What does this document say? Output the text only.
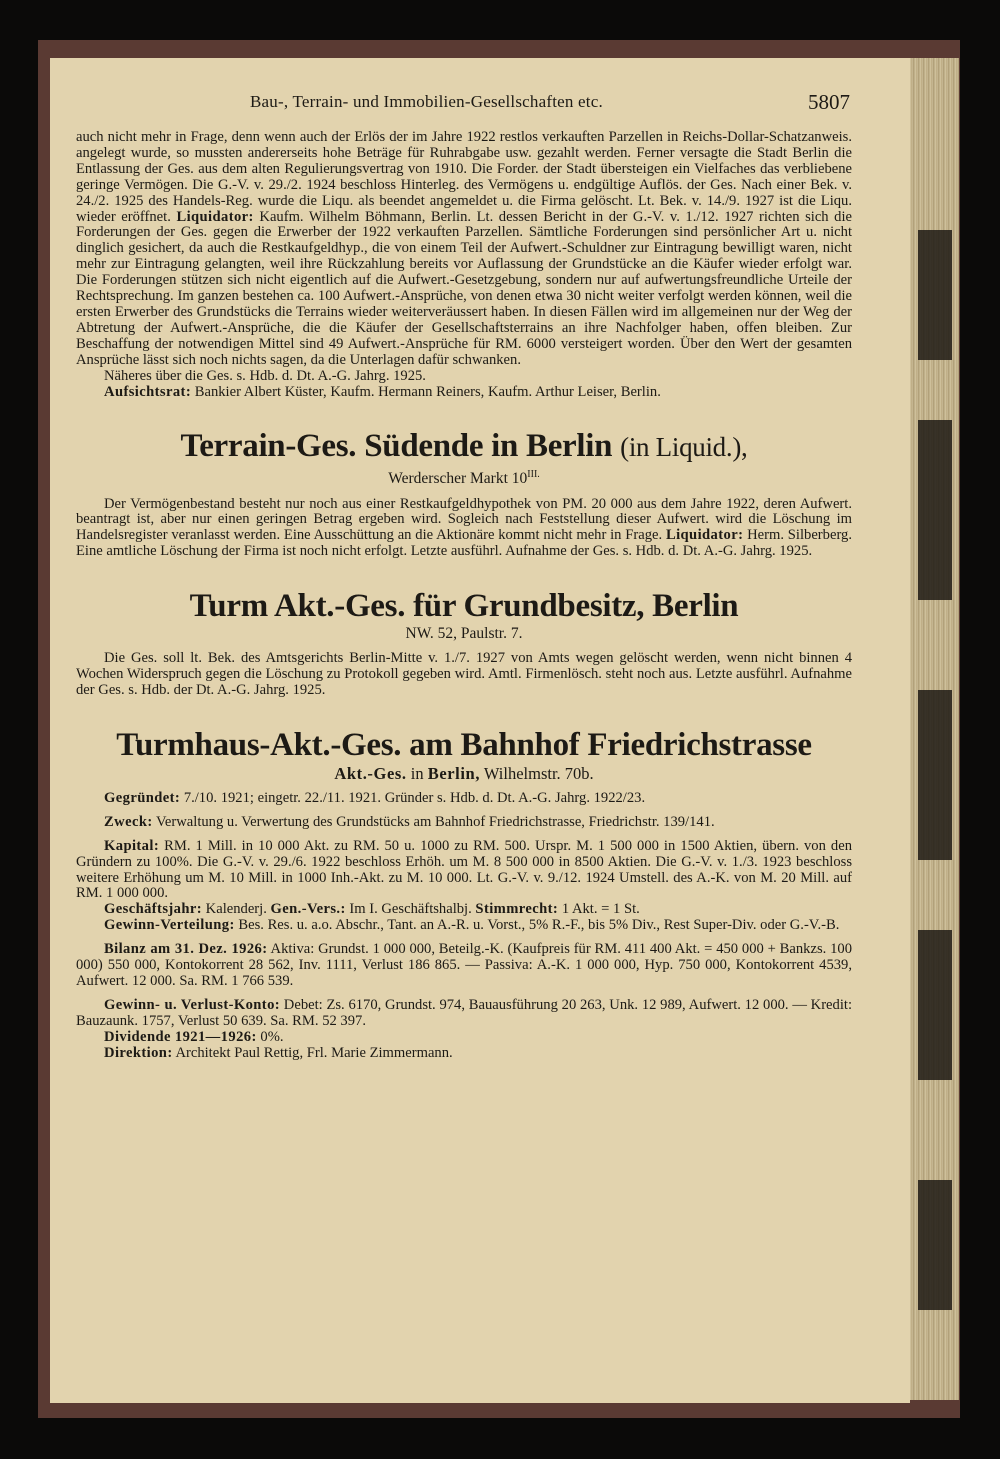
Bau-, Terrain- und Immobilien-Gesellschaften etc.	5807

auch nicht mehr in Frage, denn wenn auch der Erlös der im Jahre 1922 restlos verkauften Parzellen in Reichs-Dollar-Schatzanweis. angelegt wurde, so mussten andererseits hohe Beträge für Ruhrabgabe usw. gezahlt werden. Ferner versagte die Stadt Berlin die Entlassung der Ges. aus dem alten Regulierungsvertrag von 1910. Die Forder. der Stadt übersteigen ein Vielfaches das verbliebene geringe Vermögen. Die G.-V. v. 29./2. 1924 beschloss Hinterleg. des Vermögens u. endgültige Auflös. der Ges. Nach einer Bek. v. 24./2. 1925 des Handels-Reg. wurde die Liqu. als beendet angemeldet u. die Firma gelöscht. Lt. Bek. v. 14./9. 1927 ist die Liqu. wieder eröffnet. Liquidator: Kaufm. Wilhelm Böhmann, Berlin. Lt. dessen Bericht in der G.-V. v. 1./12. 1927 richten sich die Forderungen der Ges. gegen die Erwerber der 1922 verkauften Parzellen. Sämtliche Forderungen sind persönlicher Art u. nicht dinglich gesichert, da auch die Restkaufgeldhyp., die von einem Teil der Aufwert.-Schuldner zur Eintragung bewilligt waren, nicht mehr zur Eintragung gelangten, weil ihre Rückzahlung bereits vor Auflassung der Grundstücke an die Käufer wieder erfolgt war. Die Forderungen stützen sich nicht eigentlich auf die Aufwert.-Gesetzgebung, sondern nur auf aufwertungsfreundliche Urteile der Rechtsprechung. Im ganzen bestehen ca. 100 Aufwert.-Ansprüche, von denen etwa 30 nicht weiter verfolgt werden können, weil die ersten Erwerber des Grundstücks die Terrains wieder weiterveräussert haben. In diesen Fällen wird im allgemeinen nur der Weg der Abtretung der Aufwert.-Ansprüche, die die Käufer der Gesellschaftsterrains an ihre Nachfolger haben, offen bleiben. Zur Beschaffung der notwendigen Mittel sind 49 Aufwert.-Ansprüche für RM. 6000 versteigert worden. Über den Wert der gesamten Ansprüche lässt sich noch nichts sagen, da die Unterlagen dafür schwanken.

Näheres über die Ges. s. Hdb. d. Dt. A.-G. Jahrg. 1925.

Aufsichtsrat: Bankier Albert Küster, Kaufm. Hermann Reiners, Kaufm. Arthur Leiser, Berlin.

Terrain-Ges. Südende in Berlin (in Liquid.),
Werderscher Markt $10^{III.}$

Der Vermögenbestand besteht nur noch aus einer Restkaufgeldhypothek von PM. 20 000 aus dem Jahre 1922, deren Aufwert. beantragt ist, aber nur einen geringen Betrag ergeben wird. Sogleich nach Feststellung dieser Aufwert. wird die Löschung im Handelsregister veranlasst werden. Eine Ausschüttung an die Aktionäre kommt nicht mehr in Frage. Liquidator: Herm. Silberberg. Eine amtliche Löschung der Firma ist noch nicht erfolgt. Letzte ausführl. Aufnahme der Ges. s. Hdb. d. Dt. A.-G. Jahrg. 1925.

Turm Akt.-Ges. für Grundbesitz, Berlin
NW. 52, Paulstr. 7.

Die Ges. soll lt. Bek. des Amtsgerichts Berlin-Mitte v. 1./7. 1927 von Amts wegen gelöscht werden, wenn nicht binnen 4 Wochen Widerspruch gegen die Löschung zu Protokoll gegeben wird. Amtl. Firmenlösch. steht noch aus. Letzte ausführl. Aufnahme der Ges. s. Hdb. der Dt. A.-G. Jahrg. 1925.

Turmhaus-Akt.-Ges. am Bahnhof Friedrichstrasse
Akt.-Ges. in Berlin, Wilhelmstr. 70b.

Gegründet: 7./10. 1921; eingetr. 22./11. 1921. Gründer s. Hdb. d. Dt. A.-G. Jahrg. 1922/23.

Zweck: Verwaltung u. Verwertung des Grundstücks am Bahnhof Friedrichstrasse, Friedrichstr. 139/141.

Kapital: RM. 1 Mill. in 10 000 Akt. zu RM. 50 u. 1000 zu RM. 500. Urspr. M. 1 500 000 in 1500 Aktien, übern. von den Gründern zu 100%. Die G.-V. v. 29./6. 1922 beschloss Erhöh. um M. 8 500 000 in 8500 Aktien. Die G.-V. v. 1./3. 1923 beschloss weitere Erhöhung um M. 10 Mill. in 1000 Inh.-Akt. zu M. 10 000. Lt. G.-V. v. 9./12. 1924 Umstell. des A.-K. von M. 20 Mill. auf RM. 1 000 000.

Geschäftsjahr: Kalenderj. Gen.-Vers.: Im I. Geschäftshalbj. Stimmrecht: 1 Akt. = 1 St.

Gewinn-Verteilung: Bes. Res. u. a.o. Abschr., Tant. an A.-R. u. Vorst., 5% R.-F., bis 5% Div., Rest Super-Div. oder G.-V.-B.

Bilanz am 31. Dez. 1926: Aktiva: Grundst. 1 000 000, Beteilg.-K. (Kaufpreis für RM. 411 400 Akt. = 450 000 + Bankzs. 100 000) 550 000, Kontokorrent 28 562, Inv. 1111, Verlust 186 865. — Passiva: A.-K. 1 000 000, Hyp. 750 000, Kontokorrent 4539, Aufwert. 12 000. Sa. RM. 1 766 539.

Gewinn- u. Verlust-Konto: Debet: Zs. 6170, Grundst. 974, Bauausführung 20 263, Unk. 12 989, Aufwert. 12 000. — Kredit: Bauzaunk. 1757, Verlust 50 639. Sa. RM. 52 397.

Dividende 1921—1926: 0%.

Direktion: Architekt Paul Rettig, Frl. Marie Zimmermann.
